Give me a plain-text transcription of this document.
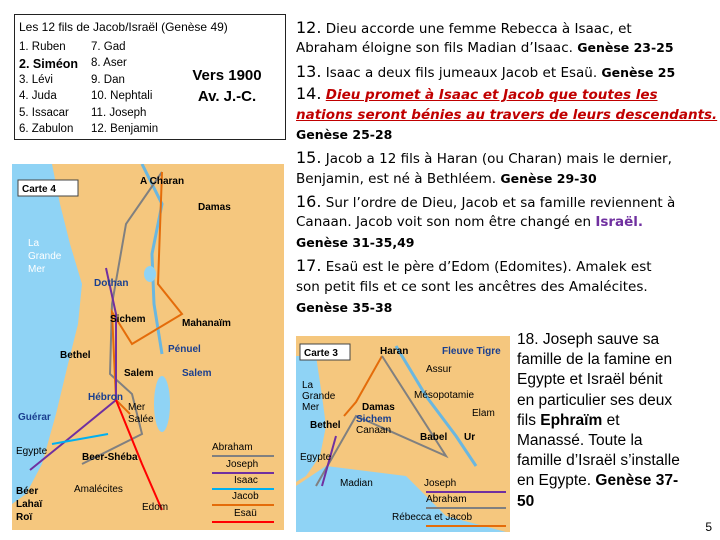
Les 12 fils de Jacob/Israël (Genèse 49)
1. Ruben 7. Gad
2. Siméon 8. Aser
3. Lévi	9. Dan
4. Juda	10. Nephtali
5. Issacar 11. Joseph
6. Zabulon 12. Benjamin
Vers 1900
Av. J.-C.
12. Dieu accorde une femme Rebecca à Isaac, et
Abraham éloigne son fils Madian d’Isaac. Genèse 23-25
13. Isaac a deux fils jumeaux Jacob et Esaü. Genèse 25
14. Dieu promet à Isaac et Jacob que toutes les
nations seront bénies au travers de leurs descendants.
Genèse 25-28
15. Jacob a 12 fils à Haran (ou Charan) mais le dernier,
Benjamin, est né à Bethléem. Genèse 29-30
16. Sur l’ordre de Dieu, Jacob et sa famille reviennent à
Canaan. Jacob voit son nom être changé en Israël.
Genèse 31-35,49
17. Esaü est le père d’Edom (Edomites). Amalek est
son petit fils et ce sont les ancêtres des Amalécites.
Genèse 35-38
Carte 4
La
Grande
Mer
A Charan
Damas
Dothan
Sichem	Mahanaïm
Bethel
Pénuel
Salem	Salem
Hébron
Mer
Salée
Guérar
Egypte
Beer-Shéba
Béer
Lahaï
Roï
Amalécites
Edom
Abraham
Joseph
Isaac
Jacob
Esaü
Carte 3
La
Grande
Mer
Haran	Fleuve Tigre
Assur
Mésopotamie
Damas
Sichem
Canaan
Bethel
Elam
Babel Ur
Egypte
Madian	Joseph
Abraham
Rébecca et Jacob
18. Joseph sauve sa
famille de la famine en
Egypte et Israël bénit
en particulier ses deux
fils Ephraïm et
Manassé. Toute la
famille d’Israël s’installe
en Egypte. Genèse 37-
50
5
